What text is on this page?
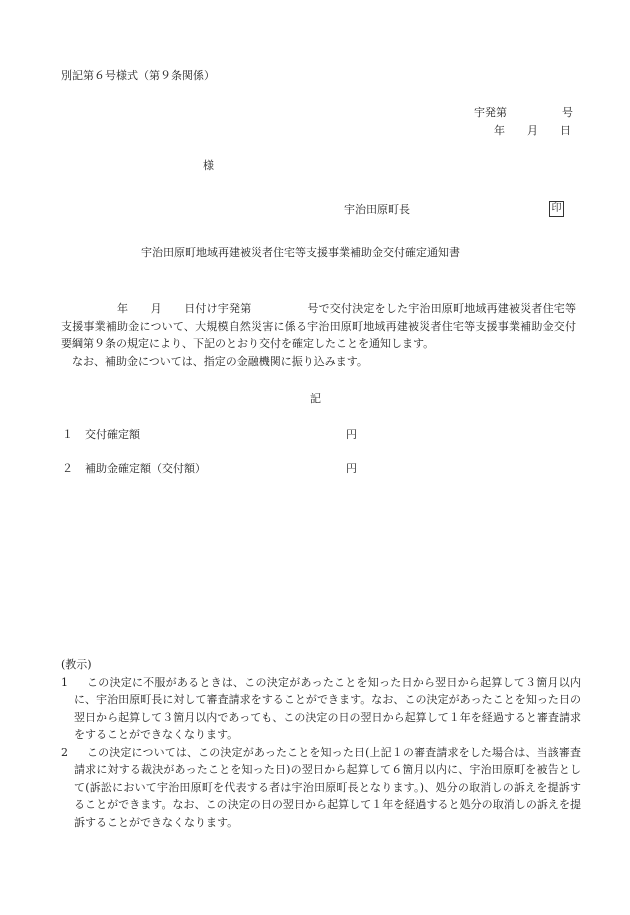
別記第６号様式（第９条関係）
宇発第　　　　　号
年　　月　　日
様
宇治田原町長	印
宇治田原町地域再建被災者住宅等支援事業補助金交付確定通知書

　　　　　年　　月　　日付け宇発第　　　　　号で交付決定をした宇治田原町地域再建被災者住宅等支援事業補助金について、大規模自然災害に係る宇治田原町地域再建被災者住宅等支援事業補助金交付要綱第９条の規定により、下記のとおり交付を確定したことを通知します。

　なお、補助金については、指定の金融機関に振り込みます。

記
１ 交付確定額	円
２ 補助金確定額（交付額）	円
(教示)
1	この決定に不服があるときは、この決定があったことを知った日から翌日から起算して３箇月以内に、宇治田原町長に対して審査請求をすることができます。なお、この決定があったことを知った日の翌日から起算して３箇月以内であっても、この決定の日の翌日から起算して１年を経過すると審査請求をすることができなくなります。
2	この決定については、この決定があったことを知った日(上記１の審査請求をした場合は、当該審査請求に対する裁決があったことを知った日)の翌日から起算して６箇月以内に、宇治田原町を被告として(訴訟において宇治田原町を代表する者は宇治田原町長となります。)、処分の取消しの訴えを提訴することができます。なお、この決定の日の翌日から起算して１年を経過すると処分の取消しの訴えを提訴することができなくなります。
